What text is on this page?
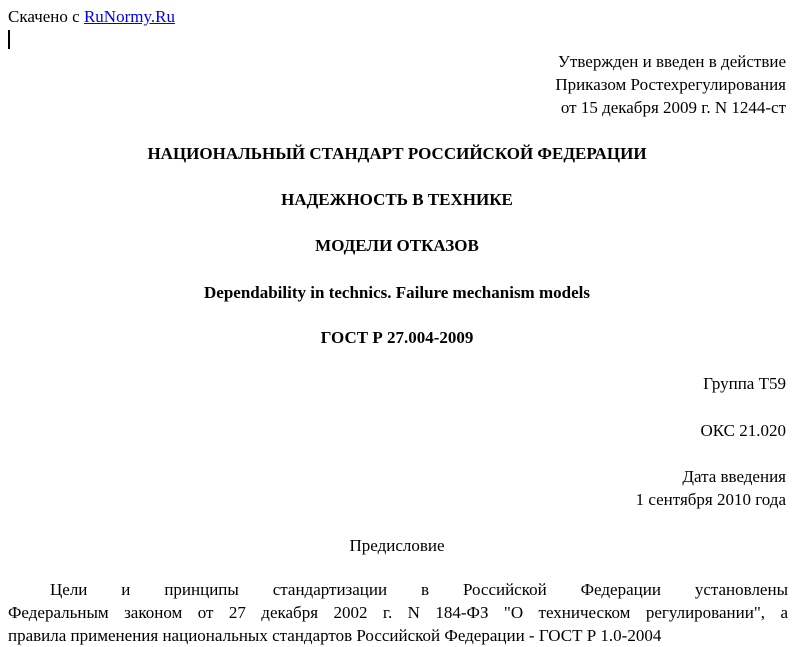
Скачено с RuNormy.Ru
Утвержден и введен в действие
Приказом Ростехрегулирования
от 15 декабря 2009 г. N 1244-ст
НАЦИОНАЛЬНЫЙ СТАНДАРТ РОССИЙСКОЙ ФЕДЕРАЦИИ
НАДЕЖНОСТЬ В ТЕХНИКЕ
МОДЕЛИ ОТКАЗОВ
Dependability in technics. Failure mechanism models
ГОСТ Р 27.004-2009
Группа Т59
ОКС 21.020
Дата введения
1 сентября 2010 года
Предисловие
Цели и принципы стандартизации в Российской Федерации установлены
Федеральным законом от 27 декабря 2002 г. N 184-ФЗ "О техническом регулировании", а
правила применения национальных стандартов Российской Федерации - ГОСТ Р 1.0-2004
